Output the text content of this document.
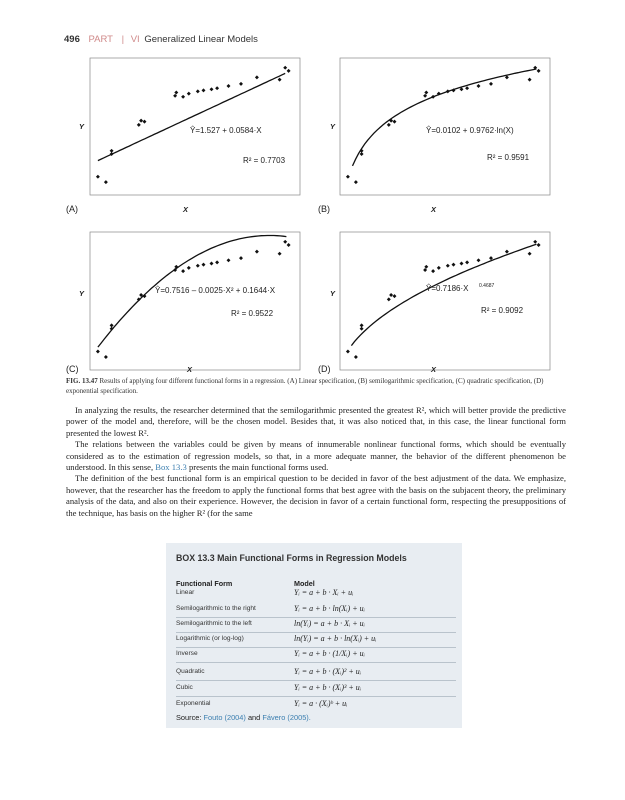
496 PART | VI Generalized Linear Models
Ŷ=1.527 + 0.0584·X
R² = 0.7703
Y
X
(A)
Ŷ=0.0102 + 0.9762·ln(X)
R² = 0.9591
Y
X
(B)
Ŷ=0.7516 – 0.0025·X² + 0.1644·X
R² = 0.9522
Y
X
(C)
Ŷ=0.7186·X 0.4687
R² = 0.9092
Y
X
(D)
FIG. 13.47 Results of applying four different functional forms in a regression. (A) Linear specification, (B) semilogarithmic specification, (C) quadratic specification, (D) exponential specification.

In analyzing the results, the researcher determined that the semilogarithmic presented the greatest R², which will better provide the predictive power of the model and, therefore, will be the chosen model. Besides that, it was also noticed that, in this case, the linear functional form presented the lowest R².

The relations between the variables could be given by means of innumerable nonlinear functional forms, which should be eventually considered as to the estimation of regression models, so that, in a more adequate manner, the behavior of the different phenomenon be understood. In this sense, Box 13.3 presents the main functional forms used.

The definition of the best functional form is an empirical question to be decided in favor of the best adjustment of the data. We emphasize, however, that the researcher has the freedom to apply the functional forms that best agree with the basis on the subjacent theory, the preliminary analysis of the data, and also on their experience. However, the decision in favor of a certain functional form, respecting the presuppositions of the technique, has basis on the higher R² (for the same

BOX 13.3 Main Functional Forms in Regression Models
Functional Form	Model
Linear	Yᵢ = a + b · Xᵢ + uᵢ
Semilogarithmic to the right	Yᵢ = a + b · ln(Xᵢ) + uᵢ
Semilogarithmic to the left	ln(Yᵢ) = a + b · Xᵢ + uᵢ
Logarithmic (or log-log)	ln(Yᵢ) = a + b · ln(Xᵢ) + uᵢ
Inverse	Yᵢ = a + b · (1/Xᵢ) + uᵢ
Quadratic	Yᵢ = a + b · (Xᵢ)² + uᵢ
Cubic	Yᵢ = a + b · (Xᵢ)³ + uᵢ
Exponential	Yᵢ = a · (Xᵢ)ᵇ + uᵢ
Source: Fouto (2004) and Fávero (2005).
